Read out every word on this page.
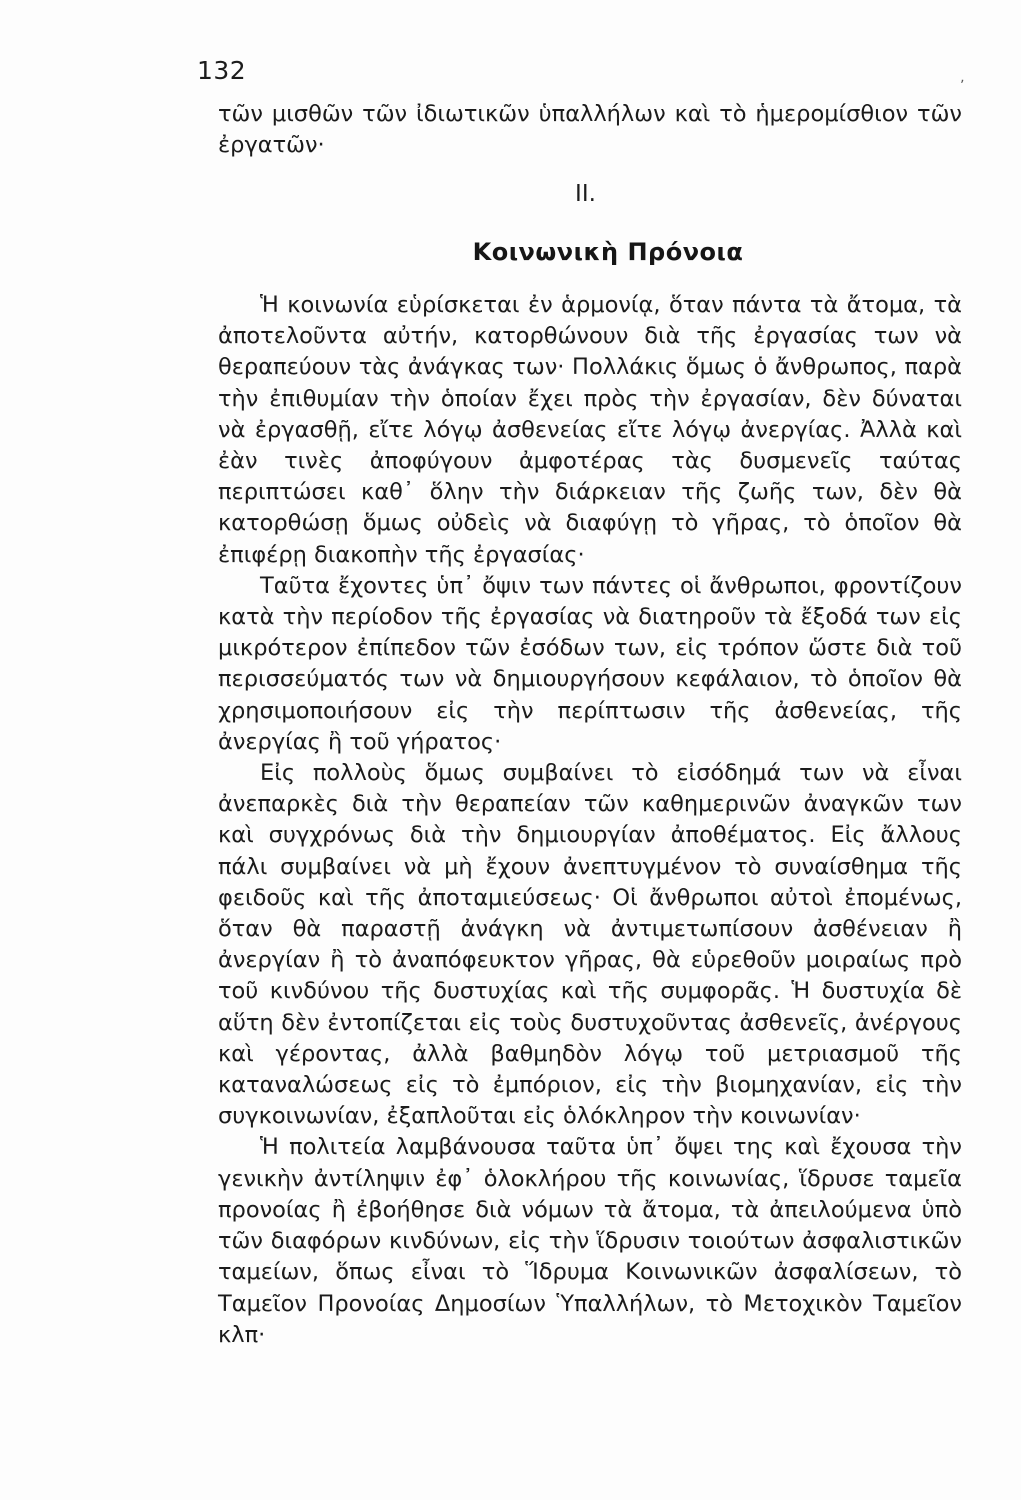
132
ʼ

τῶν μισθῶν τῶν ἰδιωτικῶν ὑπαλλήλων καὶ τὸ ἡμερομίσθιον τῶν ἐργατῶν·

II.
Κοινωνικὴ Πρόνοια

Ἡ κοινωνία εὑρίσκεται ἐν ἁρμονίᾳ, ὅταν πάντα τὰ ἄτομα, τὰ ἀποτελοῦντα αὐτήν, κατορθώνουν διὰ τῆς ἐργασίας των νὰ θεραπεύουν τὰς ἀνάγκας των· Πολλάκις ὅμως ὁ ἄνθρωπος, παρὰ τὴν ἐπιθυμίαν τὴν ὁποίαν ἔχει πρὸς τὴν ἐργασίαν, δὲν δύναται νὰ ἐργασθῇ, εἴτε λόγῳ ἀσθενείας εἴτε λόγῳ ἀνεργίας. Ἀλλὰ καὶ ἐὰν τινὲς ἀποφύγουν ἀμφοτέρας τὰς δυσμενεῖς ταύτας περιπτώσει καθ᾽ ὅλην τὴν διάρκειαν τῆς ζωῆς των, δὲν θὰ κατορθώσῃ ὅμως οὐδεὶς νὰ διαφύγῃ τὸ γῆρας, τὸ ὁποῖον θὰ ἐπιφέρῃ διακοπὴν τῆς ἐργασίας·

Ταῦτα ἔχοντες ὑπ᾽ ὄψιν των πάντες οἱ ἄνθρωποι, φροντίζουν κατὰ τὴν περίοδον τῆς ἐργασίας νὰ διατηροῦν τὰ ἔξοδά των εἰς μικρότερον ἐπίπεδον τῶν ἐσόδων των, εἰς τρόπον ὥστε διὰ τοῦ περισσεύματός των νὰ δημιουργήσουν κεφάλαιον, τὸ ὁποῖον θὰ χρησιμοποιήσουν εἰς τὴν περίπτωσιν τῆς ἀσθενείας, τῆς ἀνεργίας ἢ τοῦ γήρατος·

Εἰς πολλοὺς ὅμως συμβαίνει τὸ εἰσόδημά των νὰ εἶναι ἀνεπαρκὲς διὰ τὴν θεραπείαν τῶν καθημερινῶν ἀναγκῶν των καὶ συγχρόνως διὰ τὴν δημιουργίαν ἀποθέματος. Εἰς ἄλλους πάλι συμβαίνει νὰ μὴ ἔχουν ἀνεπτυγμένον τὸ συναίσθημα τῆς φειδοῦς καὶ τῆς ἀποταμιεύσεως· Οἱ ἄνθρωποι αὐτοὶ ἐπομένως, ὅταν θὰ παραστῇ ἀνάγκη νὰ ἀντιμετωπίσουν ἀσθένειαν ἢ ἀνεργίαν ἢ τὸ ἀναπόφευκτον γῆρας, θὰ εὑρεθοῦν μοιραίως πρὸ τοῦ κινδύνου τῆς δυστυχίας καὶ τῆς συμφορᾶς. Ἡ δυστυχία δὲ αὕτη δὲν ἐντοπίζεται εἰς τοὺς δυστυχοῦντας ἀσθενεῖς, ἀνέργους καὶ γέροντας, ἀλλὰ βαθμηδὸν λόγῳ τοῦ μετριασμοῦ τῆς καταναλώσεως εἰς τὸ ἐμπόριον, εἰς τὴν βιομηχανίαν, εἰς τὴν συγκοινωνίαν, ἐξαπλοῦται εἰς ὁλόκληρον τὴν κοινωνίαν·

Ἡ πολιτεία λαμβάνουσα ταῦτα ὑπ᾽ ὄψει της καὶ ἔχουσα τὴν γενικὴν ἀντίληψιν ἐφ᾽ ὁλοκλήρου τῆς κοινωνίας, ἵδρυσε ταμεῖα προνοίας ἢ ἐβοήθησε διὰ νόμων τὰ ἄτομα, τὰ ἀπειλούμενα ὑπὸ τῶν διαφόρων κινδύνων, εἰς τὴν ἵδρυσιν τοιούτων ἀσφαλιστικῶν ταμείων, ὅπως εἶναι τὸ Ἵδρυμα Κοινωνικῶν ἀσφαλίσεων, τὸ Ταμεῖον Προνοίας Δημοσίων Ὑπαλλήλων, τὸ Μετοχικὸν Ταμεῖον κλπ·
